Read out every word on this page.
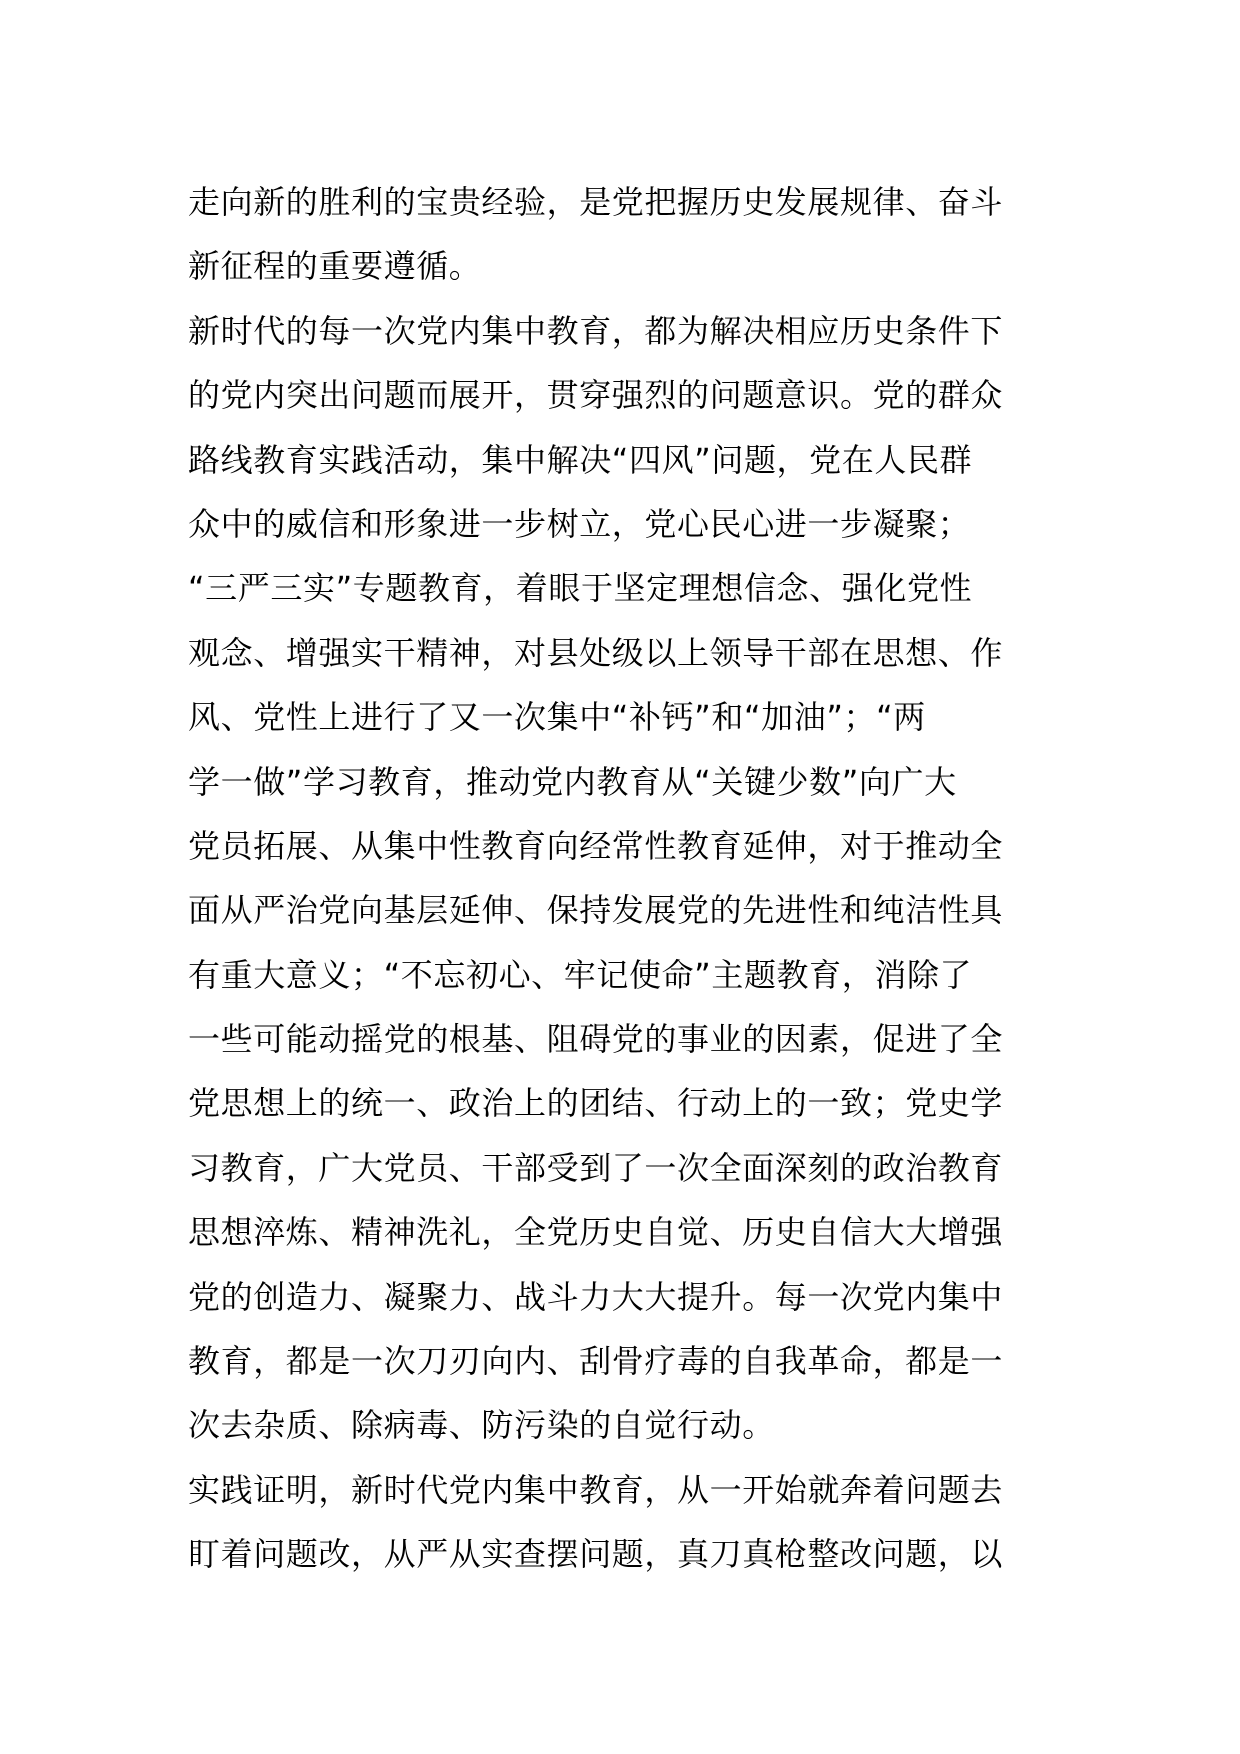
走向新的胜利的宝贵经验，是党把握历史发展规律、奋斗
新征程的重要遵循。
新时代的每一次党内集中教育，都为解决相应历史条件下
的党内突出问题而展开，贯穿强烈的问题意识。党的群众
路线教育实践活动，集中解决“四风”问题，党在人民群
众中的威信和形象进一步树立，党心民心进一步凝聚；
“三严三实”专题教育，着眼于坚定理想信念、强化党性
观念、增强实干精神，对县处级以上领导干部在思想、作
风、党性上进行了又一次集中“补钙”和“加油”；“两
学一做”学习教育，推动党内教育从“关键少数”向广大
党员拓展、从集中性教育向经常性教育延伸，对于推动全
面从严治党向基层延伸、保持发展党的先进性和纯洁性具
有重大意义；“不忘初心、牢记使命”主题教育，消除了
一些可能动摇党的根基、阻碍党的事业的因素，促进了全
党思想上的统一、政治上的团结、行动上的一致；党史学
习教育，广大党员、干部受到了一次全面深刻的政治教育
思想淬炼、精神洗礼，全党历史自觉、历史自信大大增强
党的创造力、凝聚力、战斗力大大提升。每一次党内集中
教育，都是一次刀刃向内、刮骨疗毒的自我革命，都是一
次去杂质、除病毒、防污染的自觉行动。
实践证明，新时代党内集中教育，从一开始就奔着问题去
盯着问题改，从严从实查摆问题，真刀真枪整改问题，以
